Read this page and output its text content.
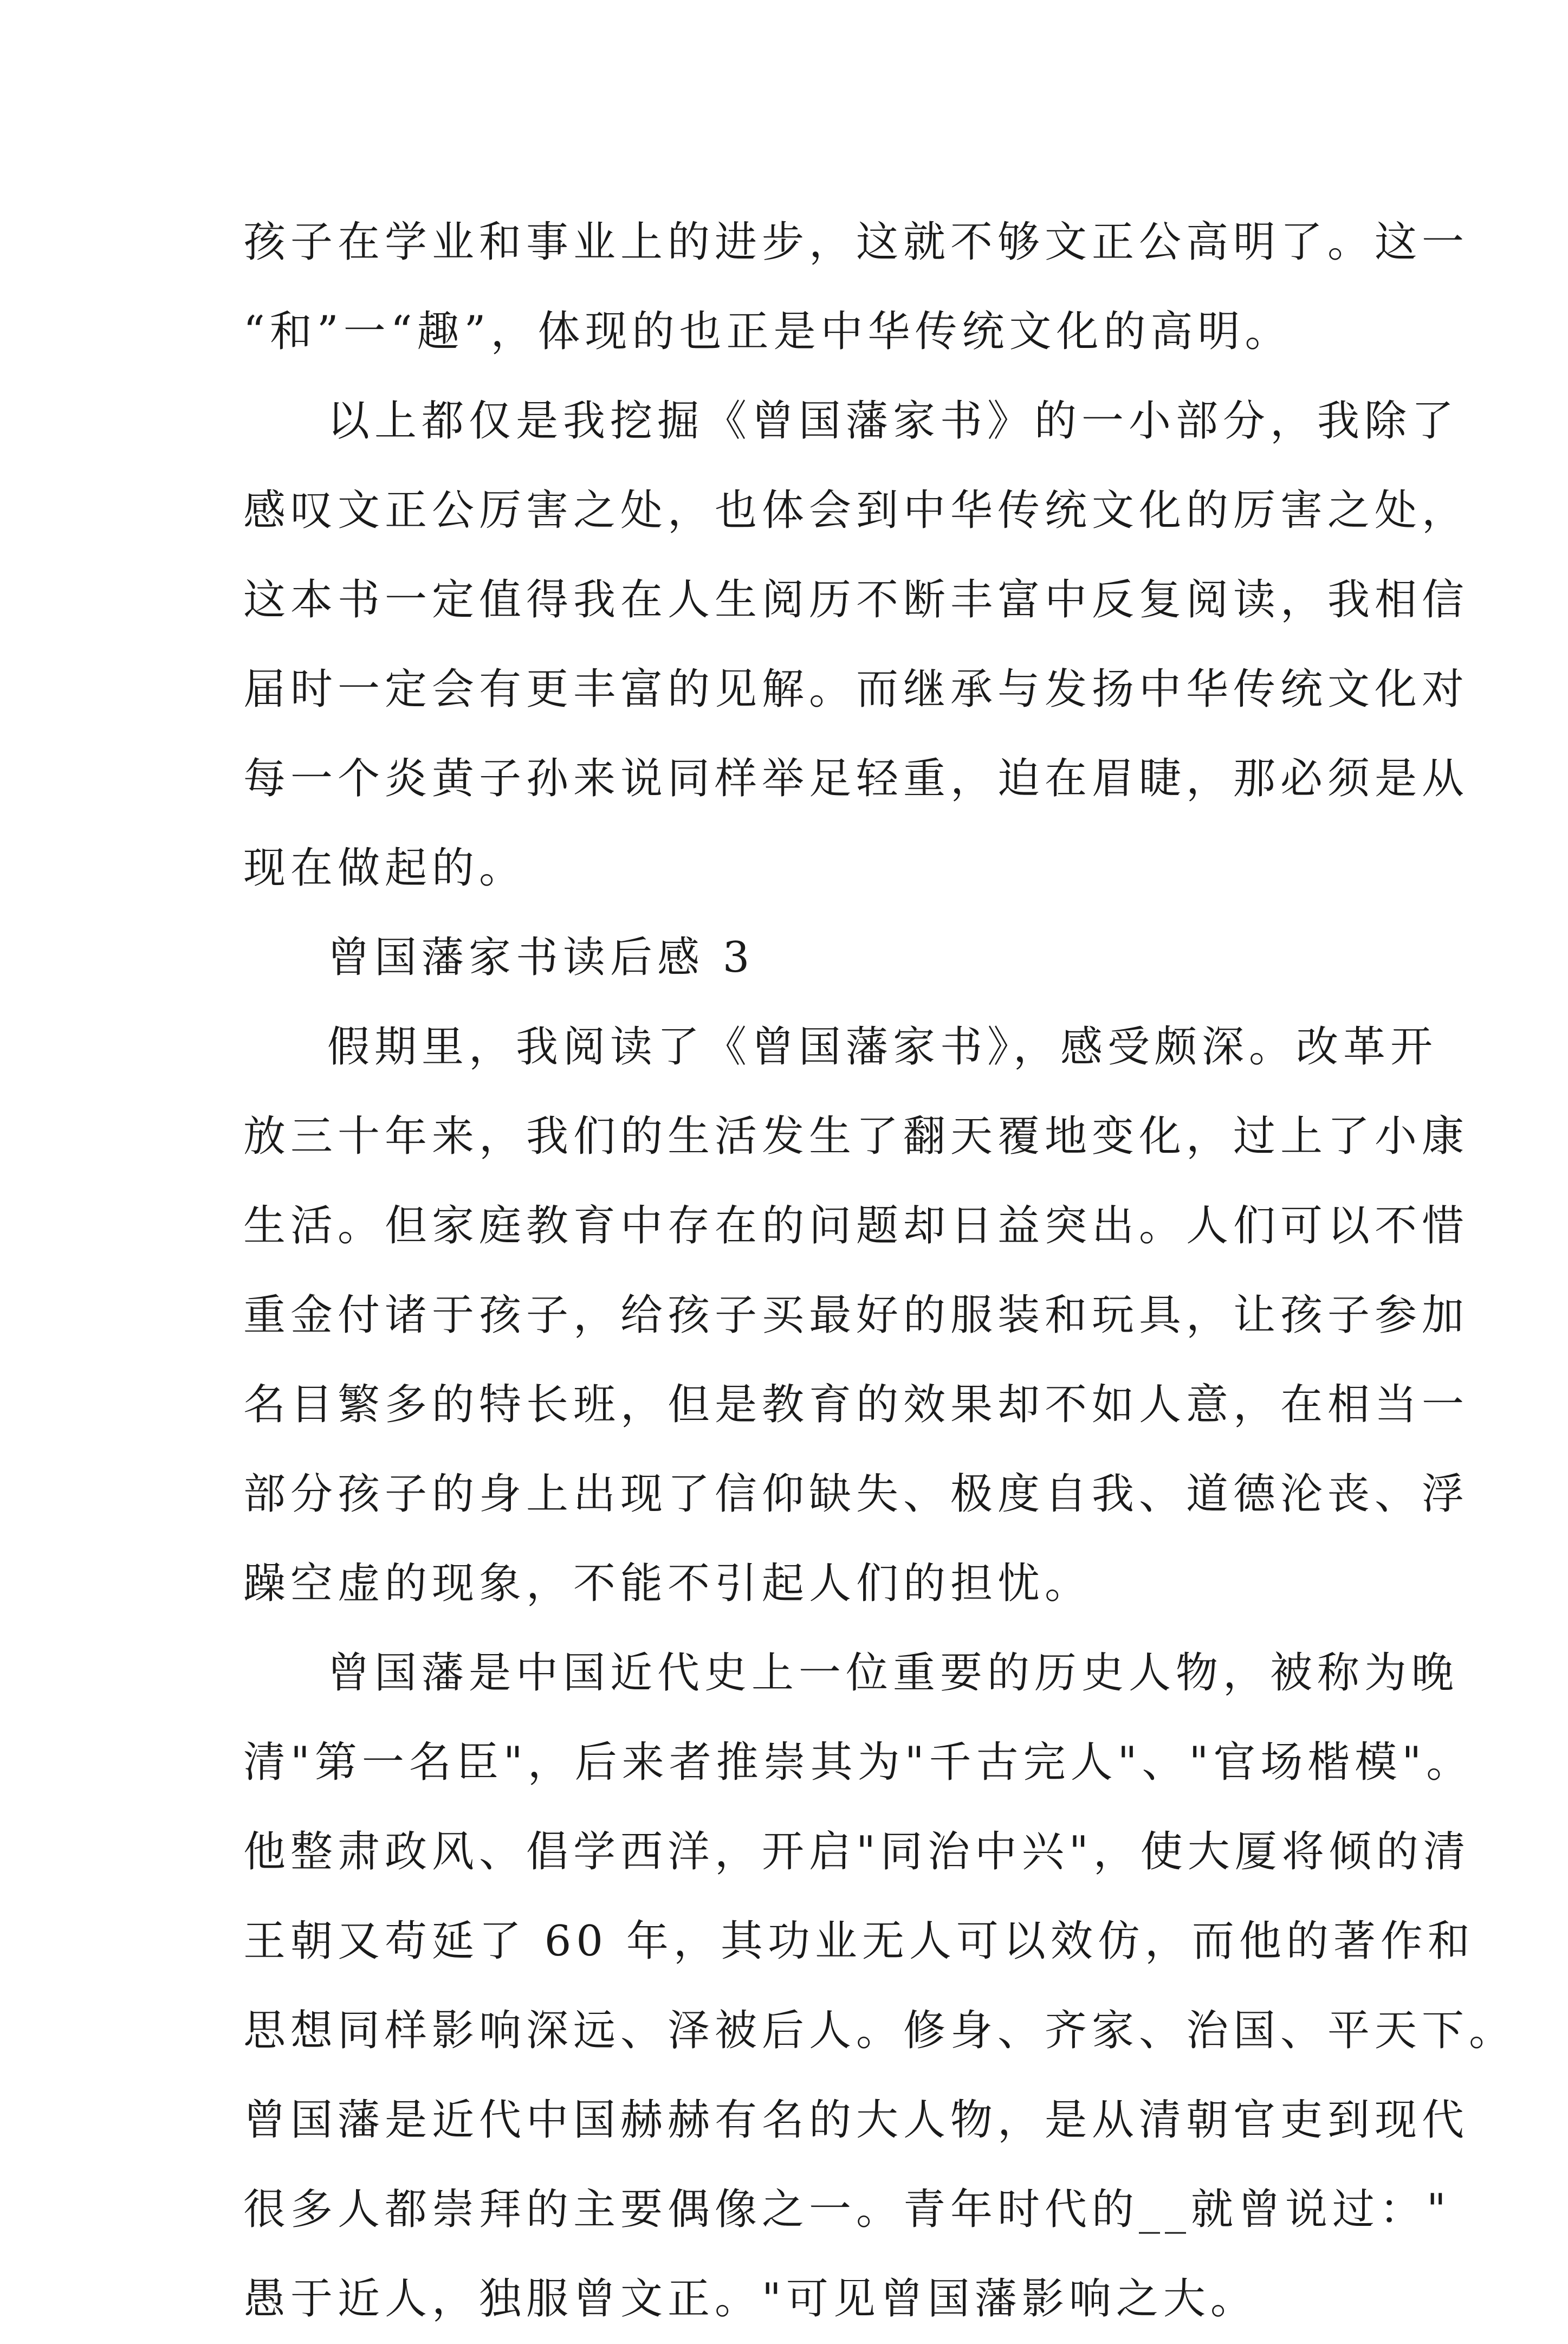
孩子在学业和事业上的进步，这就不够文正公高明了。这一
“和”一“趣”，体现的也正是中华传统文化的高明。
以上都仅是我挖掘《曾国藩家书》的一小部分，我除了
感叹文正公厉害之处，也体会到中华传统文化的厉害之处，
这本书一定值得我在人生阅历不断丰富中反复阅读，我相信
届时一定会有更丰富的见解。而继承与发扬中华传统文化对
每一个炎黄子孙来说同样举足轻重，迫在眉睫，那必须是从
现在做起的。
曾国藩家书读后感 3
假期里，我阅读了《曾国藩家书》，感受颇深。改革开
放三十年来，我们的生活发生了翻天覆地变化，过上了小康
生活。但家庭教育中存在的问题却日益突出。人们可以不惜
重金付诸于孩子，给孩子买最好的服装和玩具，让孩子参加
名目繁多的特长班，但是教育的效果却不如人意，在相当一
部分孩子的身上出现了信仰缺失、极度自我、道德沦丧、浮
躁空虚的现象，不能不引起人们的担忧。
曾国藩是中国近代史上一位重要的历史人物，被称为晚
清"第一名臣"，后来者推崇其为"千古完人"、"官场楷模"。
他整肃政风、倡学西洋，开启"同治中兴"，使大厦将倾的清
王朝又苟延了 60 年，其功业无人可以效仿，而他的著作和
思想同样影响深远、泽被后人。修身、齐家、治国、平天下。
曾国藩是近代中国赫赫有名的大人物，是从清朝官吏到现代
很多人都崇拜的主要偶像之一。青年时代的__就曾说过："
愚于近人，独服曾文正。"可见曾国藩影响之大。
